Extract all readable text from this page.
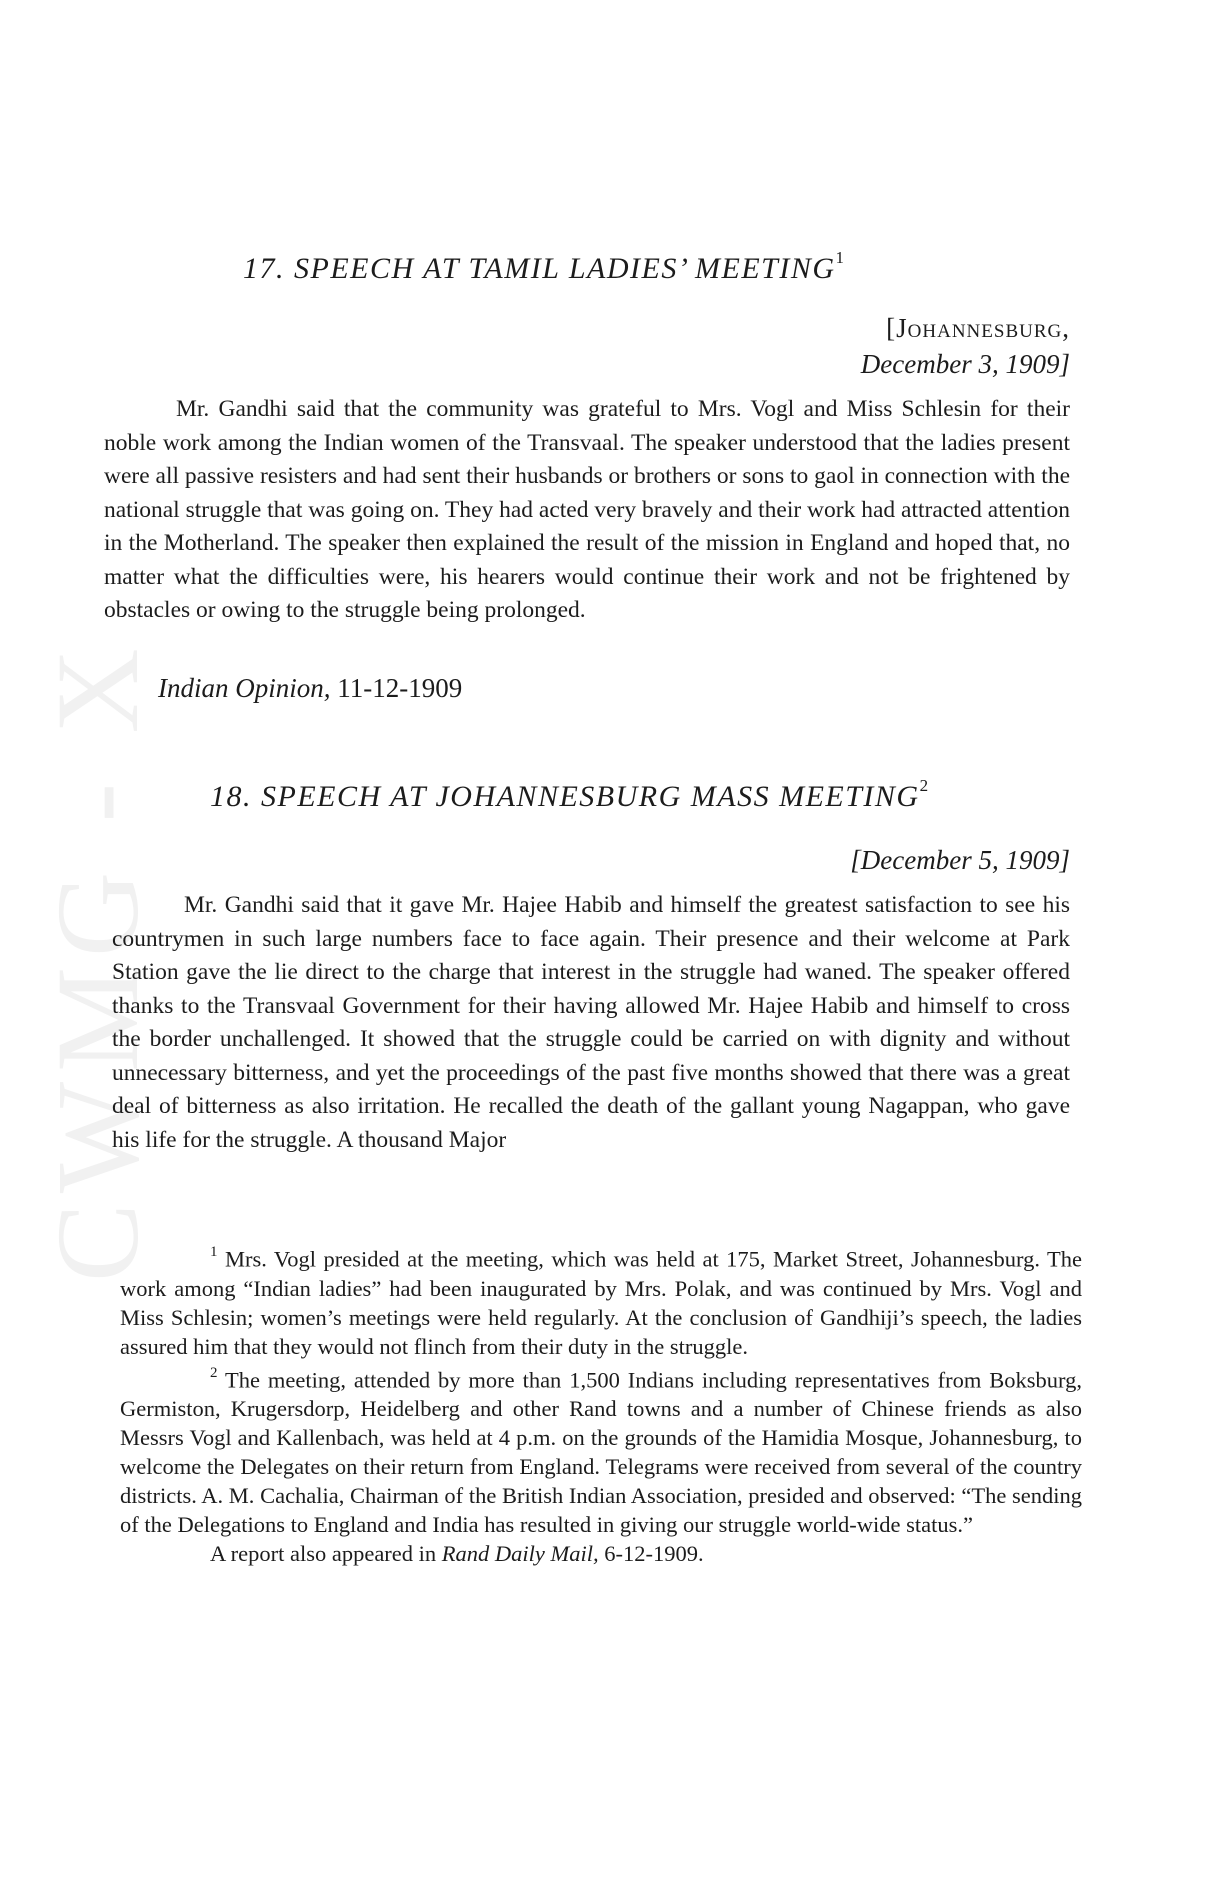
CWMG - X
17. SPEECH AT TAMIL LADIES’ MEETING$^1$
[Johannesburg,
December 3, 1909]

Mr. Gandhi said that the community was grateful to Mrs. Vogl and Miss Schlesin for their noble work among the Indian women of the Transvaal. The speaker understood that the ladies present were all passive resisters and had sent their husbands or brothers or sons to gaol in connection with the national struggle that was going on. They had acted very bravely and their work had attracted attention in the Motherland. The speaker then explained the result of the mission in England and hoped that, no matter what the difficulties were, his hearers would continue their work and not be frightened by obstacles or owing to the struggle being prolonged.

Indian Opinion, 11-12-1909
18. SPEECH AT JOHANNESBURG MASS MEETING$^2$
[December 5, 1909]

Mr. Gandhi said that it gave Mr. Hajee Habib and himself the greatest satisfaction to see his countrymen in such large numbers face to face again. Their presence and their welcome at Park Station gave the lie direct to the charge that interest in the struggle had waned. The speaker offered thanks to the Transvaal Government for their having allowed Mr. Hajee Habib and himself to cross the border unchallenged. It showed that the struggle could be carried on with dignity and without unnecessary bitterness, and yet the proceedings of the past five months showed that there was a great deal of bitterness as also irritation. He recalled the death of the gallant young Nagappan, who gave his life for the struggle. A thousand Major

$^1$ Mrs. Vogl presided at the meeting, which was held at 175, Market Street, Johannesburg. The work among “Indian ladies” had been inaugurated by Mrs. Polak, and was continued by Mrs. Vogl and Miss Schlesin; women’s meetings were held regularly. At the conclusion of Gandhiji’s speech, the ladies assured him that they would not flinch from their duty in the struggle.

$^2$ The meeting, attended by more than 1,500 Indians including representatives from Boksburg, Germiston, Krugersdorp, Heidelberg and other Rand towns and a number of Chinese friends as also Messrs Vogl and Kallenbach, was held at 4 p.m. on the grounds of the Hamidia Mosque, Johannesburg, to welcome the Delegates on their return from England. Telegrams were received from several of the country districts. A. M. Cachalia, Chairman of the British Indian Association, presided and observed: “The sending of the Delegations to England and India has resulted in giving our struggle world-wide status.”

A report also appeared in Rand Daily Mail, 6-12-1909.
